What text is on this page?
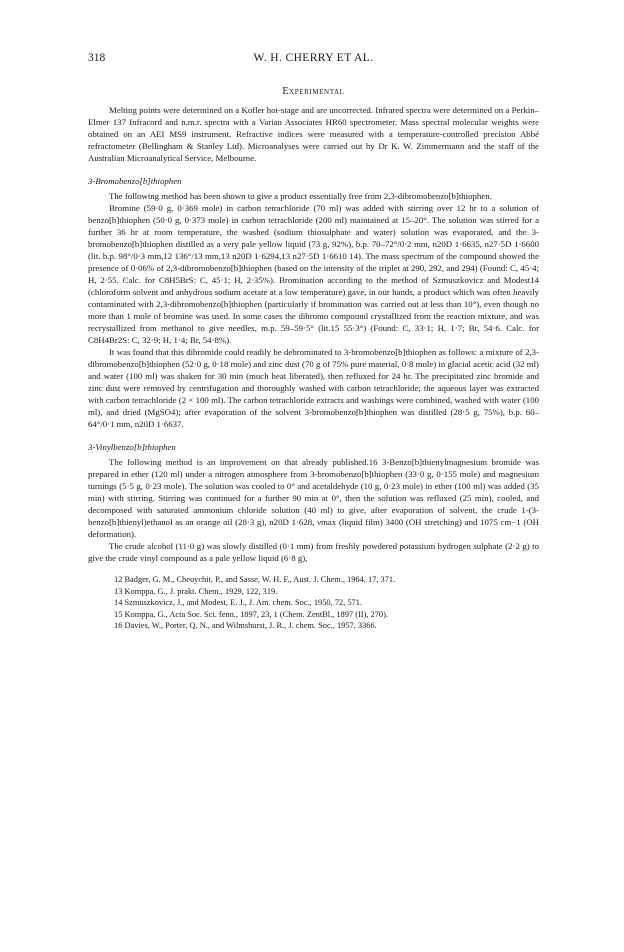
318	W. H. CHERRY ET AL.
Experimental

Melting points were determined on a Kofler hot-stage and are uncorrected. Infrared spectra were determined on a Perkin–Elmer 137 Infracord and n.m.r. spectra with a Varian Associates HR60 spectrometer. Mass spectral molecular weights were obtained on an AEI MS9 instrument. Refractive indices were measured with a temperature-controlled precision Abbé refractometer (Bellingham & Stanley Ltd). Microanalyses were carried out by Dr K. W. Zimmermann and the staff of the Australian Microanalytical Service, Melbourne.

3-Bromobenzo[b]thiophen

The following method has been shown to give a product essentially free from 2,3-dibromobenzo[b]thiophen.

Bromine (59·0 g, 0·369 mole) in carbon tetrachloride (70 ml) was added with stirring over 12 hr to a solution of benzo[b]thiophen (50·0 g, 0·373 mole) in carbon tetrachloride (200 ml) maintained at 15–20°. The solution was stirred for a further 36 hr at room temperature, the washed (sodium thiosulphate and water) solution was evaporated, and the 3-bromobenzo[b]thiophen distilled as a very pale yellow liquid (73 g, 92%), b.p. 70–72°/0·2 mm, n20D 1·6635, n27·5D 1·6600 (lit. b.p. 98°/0·3 mm,12 136°/13 mm,13 n20D 1·6294,13 n27·5D 1·6610 14). The mass spectrum of the compound showed the presence of 0·06% of 2,3-dibromobenzo[b]thiophen (based on the intensity of the triplet at 290, 292, and 294) (Found: C, 45·4; H, 2·55. Calc. for C8H5BrS: C, 45·1; H, 2·35%). Bromination according to the method of Szmuszkovicz and Modest14 (chloroform solvent and anhydrous sodium acetate at a low temperature) gave, in our hands, a product which was often heavily contaminated with 2,3-dibromobenzo[b]thiophen (particularly if bromination was carried out at less than 10°), even though no more than 1 mole of bromine was used. In some cases the dibromo compound crystallized from the reaction mixture, and was recrystallized from methanol to give needles, m.p. 59–59·5° (lit.15 55·3°) (Found: C, 33·1; H, 1·7; Br, 54·6. Calc. for C8H4Br2S: C, 32·9; H, 1·4; Br, 54·8%).

It was found that this dibromide could readily be debrominated to 3-bromobenzo[b]thiophen as follows: a mixture of 2,3-dibromobenzo[b]thiophen (52·0 g, 0·18 mole) and zinc dust (70 g of 75% pure material, 0·8 mole) in glacial acetic acid (32 ml) and water (100 ml) was shaken for 30 min (much heat liberated), then refluxed for 24 hr. The precipitated zinc bromide and zinc dust were removed by centrifugation and thoroughly washed with carbon tetrachloride; the aqueous layer was extracted with carbon tetrachloride (2 × 100 ml). The carbon tetrachloride extracts and washings were combined, washed with water (100 ml), and dried (MgSO4); after evaporation of the solvent 3-bromobenzo[b]thiophen was distilled (28·5 g, 75%), b.p. 60–64°/0·1 mm, n20D 1·6637.

3-Vinylbenzo[b]thiophen

The following method is an improvement on that already published.16 3-Benzo[b]thienylmagnesium bromide was prepared in ether (120 ml) under a nitrogen atmosphere from 3-bromobenzo[b]thiophen (33·0 g, 0·155 mole) and magnesium turnings (5·5 g, 0·23 mole). The solution was cooled to 0° and acetaldehyde (10 g, 0·23 mole) in ether (100 ml) was added (35 min) with stirring. Stirring was continued for a further 90 min at 0°, then the solution was refluxed (25 min), cooled, and decomposed with saturated ammonium chloride solution (40 ml) to give, after evaporation of solvent, the crude 1-(3-benzo[b]thienyl)ethanol as an orange oil (28·3 g), n20D 1·628, νmax (liquid film) 3400 (OH stretching) and 1075 cm−1 (OH deformation).

The crude alcohol (11·0 g) was slowly distilled (0·1 mm) from freshly powdered potassium hydrogen sulphate (2·2 g) to give the crude vinyl compound as a pale yellow liquid (6·8 g),

12 Badger, G. M., Cheuychit, P., and Sasse, W. H. F., Aust. J. Chem., 1964, 17, 371.
13 Komppa, G., J. prakt. Chem., 1929, 122, 319.
14 Szmuszkovicz, J., and Modest, E. J., J. Am. chem. Soc., 1950, 72, 571.
15 Komppa, G., Acta Soc. Sci. fenn., 1897, 23, 1 (Chem. ZentBl., 1897 (II), 270).
16 Davies, W., Porter, Q. N., and Wilmshurst, J. R., J. chem. Soc., 1957, 3366.
